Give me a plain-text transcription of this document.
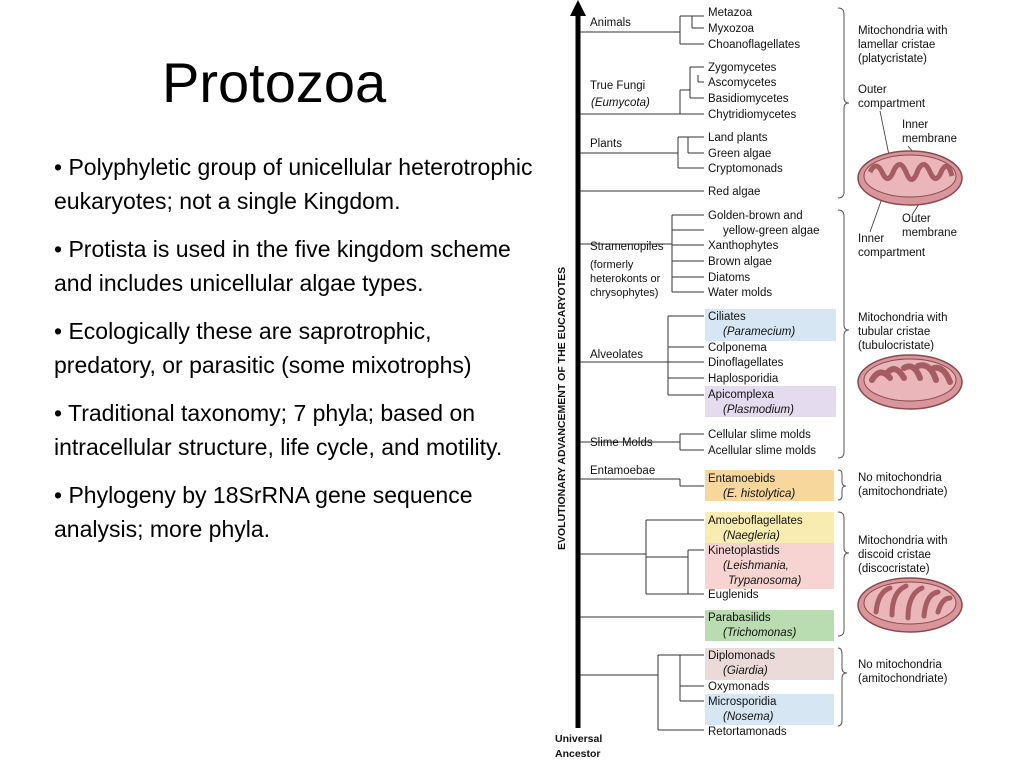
Protozoa

• Polyphyletic group of unicellular heterotrophic eukaryotes; not a single Kingdom.

• Protista is used in the five kingdom scheme and includes unicellular algae types.

• Ecologically these are saprotrophic, predatory, or parasitic (some mixotrophs)

• Traditional taxonomy; 7 phyla; based on intracellular structure, life cycle, and motility.

• Phylogeny by 18SrRNA gene sequence analysis; more phyla.	EVOLUTIONARY ADVANCEMENT OF THE EUCARYOTES
Universal
Ancestor
Animals
True Fungi
(Eumycota)
Plants
Stramenopiles
(formerly
heterokonts or
chrysophytes)
Alveolates
Slime Molds
Entamoebae
Metazoa
Myxozoa
Choanoflagellates
Zygomycetes
Ascomycetes
Basidiomycetes
Chytridiomycetes
Land plants
Green algae
Cryptomonads
Red algae
Golden-brown and
yellow-green algae
Xanthophytes
Brown algae
Diatoms
Water molds
Ciliates
(Paramecium)
Colponema
Dinoflagellates
Haplosporidia
Apicomplexa
(Plasmodium)
Cellular slime molds
Acellular slime molds
Entamoebids
(E. histolytica)
Amoeboflagellates
(Naegleria)
Kinetoplastids
(Leishmania,
Trypanosoma)
Euglenids
Parabasilids
(Trichomonas)
Diplomonads
(Giardia)
Oxymonads
Microsporidia
(Nosema)
Retortamonads
Mitochondria with
lamellar cristae
(platycristate)
Outer
compartment
Inner
membrane
Outer
membrane
Inner
compartment
Mitochondria with
tubular cristae
(tubulocristate)
No mitochondria
(amitochondriate)
Mitochondria with
discoid cristae
(discocristate)
No mitochondria
(amitochondriate)
